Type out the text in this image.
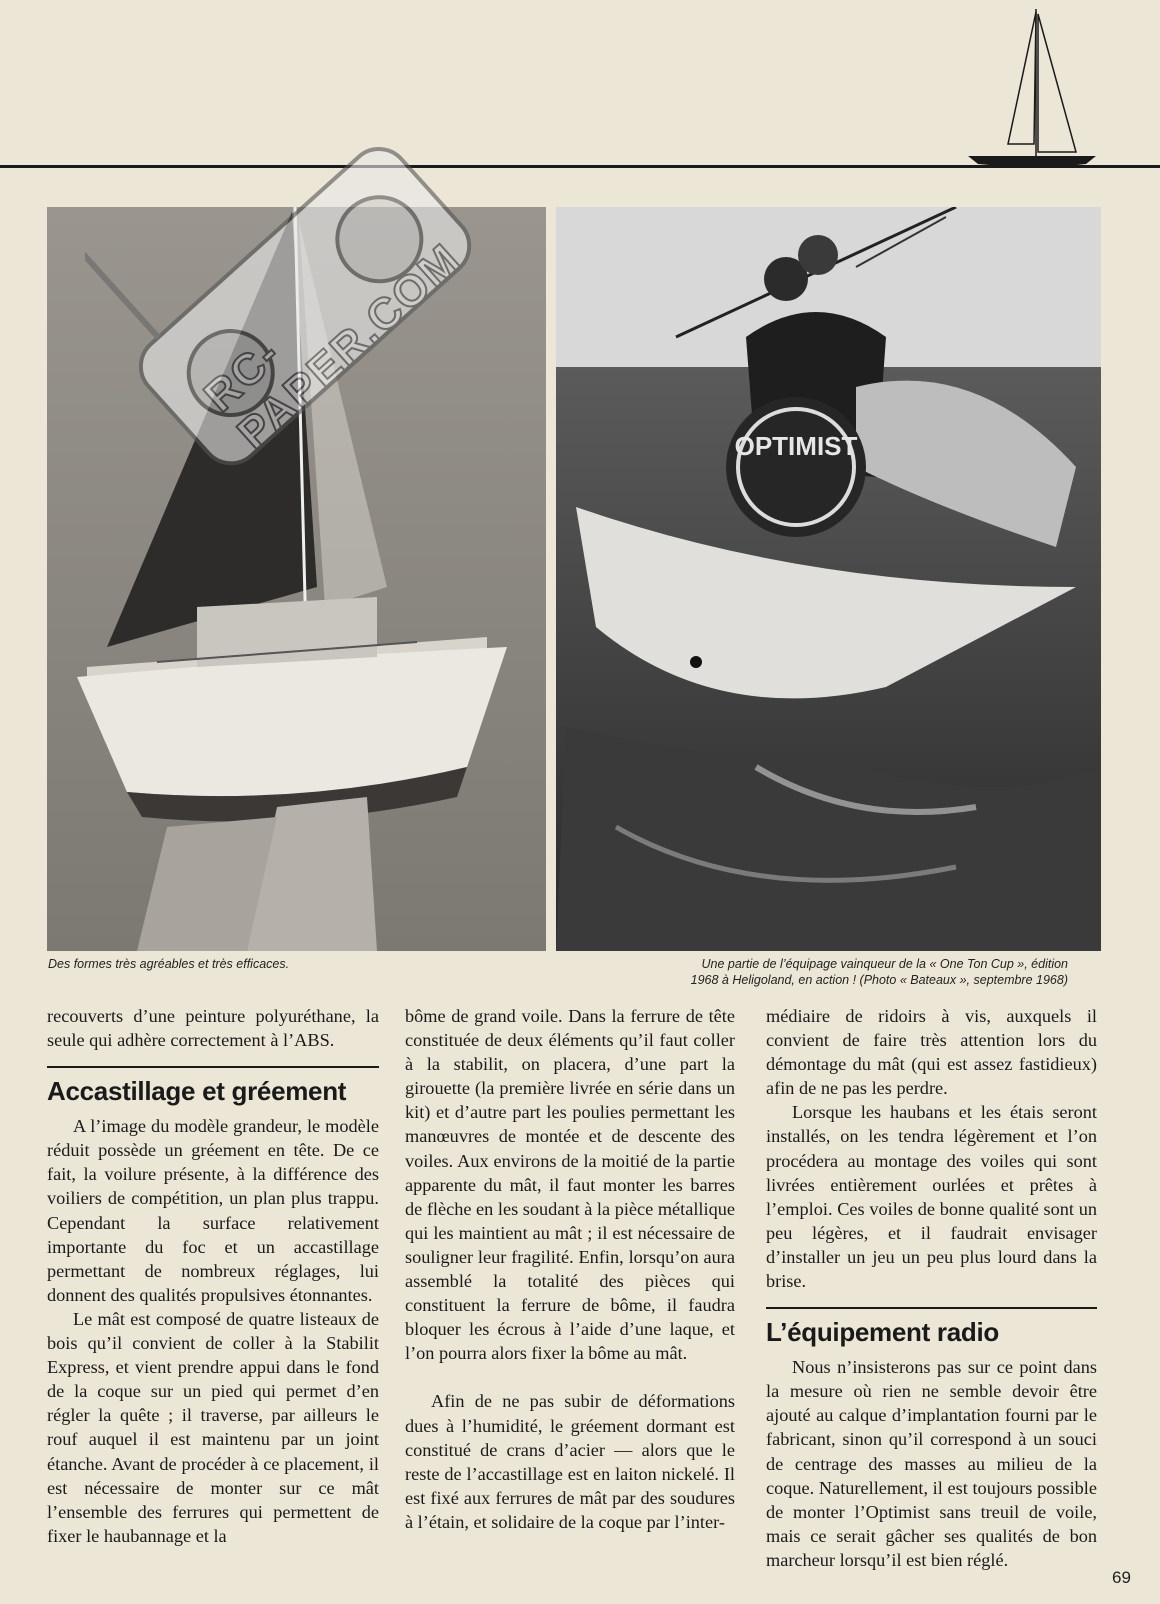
OPTIMIST
RC-PAPER.COM
Des formes très agréables et très efficaces.	Une partie de l’équipage vainqueur de la « One Ton Cup », édition
1968 à Heligoland, en action ! (Photo « Bateaux », septembre 1968)

recouverts d’une peinture polyuréthane, la seule qui adhère correctement à l’ABS.

Accastillage et gréement

A l’image du modèle grandeur, le modèle réduit possède un gréement en tête. De ce fait, la voilure présente, à la différence des voiliers de compétition, un plan plus trappu. Cependant la surface relativement importante du foc et un accastillage permettant de nombreux réglages, lui donnent des qualités propulsives étonnantes.

Le mât est composé de quatre listeaux de bois qu’il convient de coller à la Stabilit Express, et vient prendre appui dans le fond de la coque sur un pied qui permet d’en régler la quête ; il traverse, par ailleurs le rouf auquel il est maintenu par un joint étanche. Avant de procéder à ce placement, il est nécessaire de monter sur ce mât l’ensemble des ferrures qui permettent de fixer le haubannage et la

bôme de grand voile. Dans la ferrure de tête constituée de deux éléments qu’il faut coller à la stabilit, on placera, d’une part la girouette (la première livrée en série dans un kit) et d’autre part les poulies permettant les manœuvres de montée et de descente des voiles. Aux environs de la moitié de la partie apparente du mât, il faut monter les barres de flèche en les soudant à la pièce métallique qui les maintient au mât ; il est nécessaire de souligner leur fragilité. Enfin, lorsqu’on aura assemblé la totalité des pièces qui constituent la ferrure de bôme, il faudra bloquer les écrous à l’aide d’une laque, et l’on pourra alors fixer la bôme au mât.

Afin de ne pas subir de déformations dues à l’humidité, le gréement dormant est constitué de crans d’acier — alors que le reste de l’accastillage est en laiton nickelé. Il est fixé aux ferrures de mât par des soudures à l’étain, et solidaire de la coque par l’inter-

médiaire de ridoirs à vis, auxquels il convient de faire très attention lors du démontage du mât (qui est assez fastidieux) afin de ne pas les perdre.

Lorsque les haubans et les étais seront installés, on les tendra légèrement et l’on procédera au montage des voiles qui sont livrées entièrement ourlées et prêtes à l’emploi. Ces voiles de bonne qualité sont un peu légères, et il faudrait envisager d’installer un jeu un peu plus lourd dans la brise.

L’équipement radio

Nous n’insisterons pas sur ce point dans la mesure où rien ne semble devoir être ajouté au calque d’implantation fourni par le fabricant, sinon qu’il correspond à un souci de centrage des masses au milieu de la coque. Naturellement, il est toujours possible de monter l’Optimist sans treuil de voile, mais ce serait gâcher ses qualités de bon marcheur lorsqu’il est bien réglé.

69
